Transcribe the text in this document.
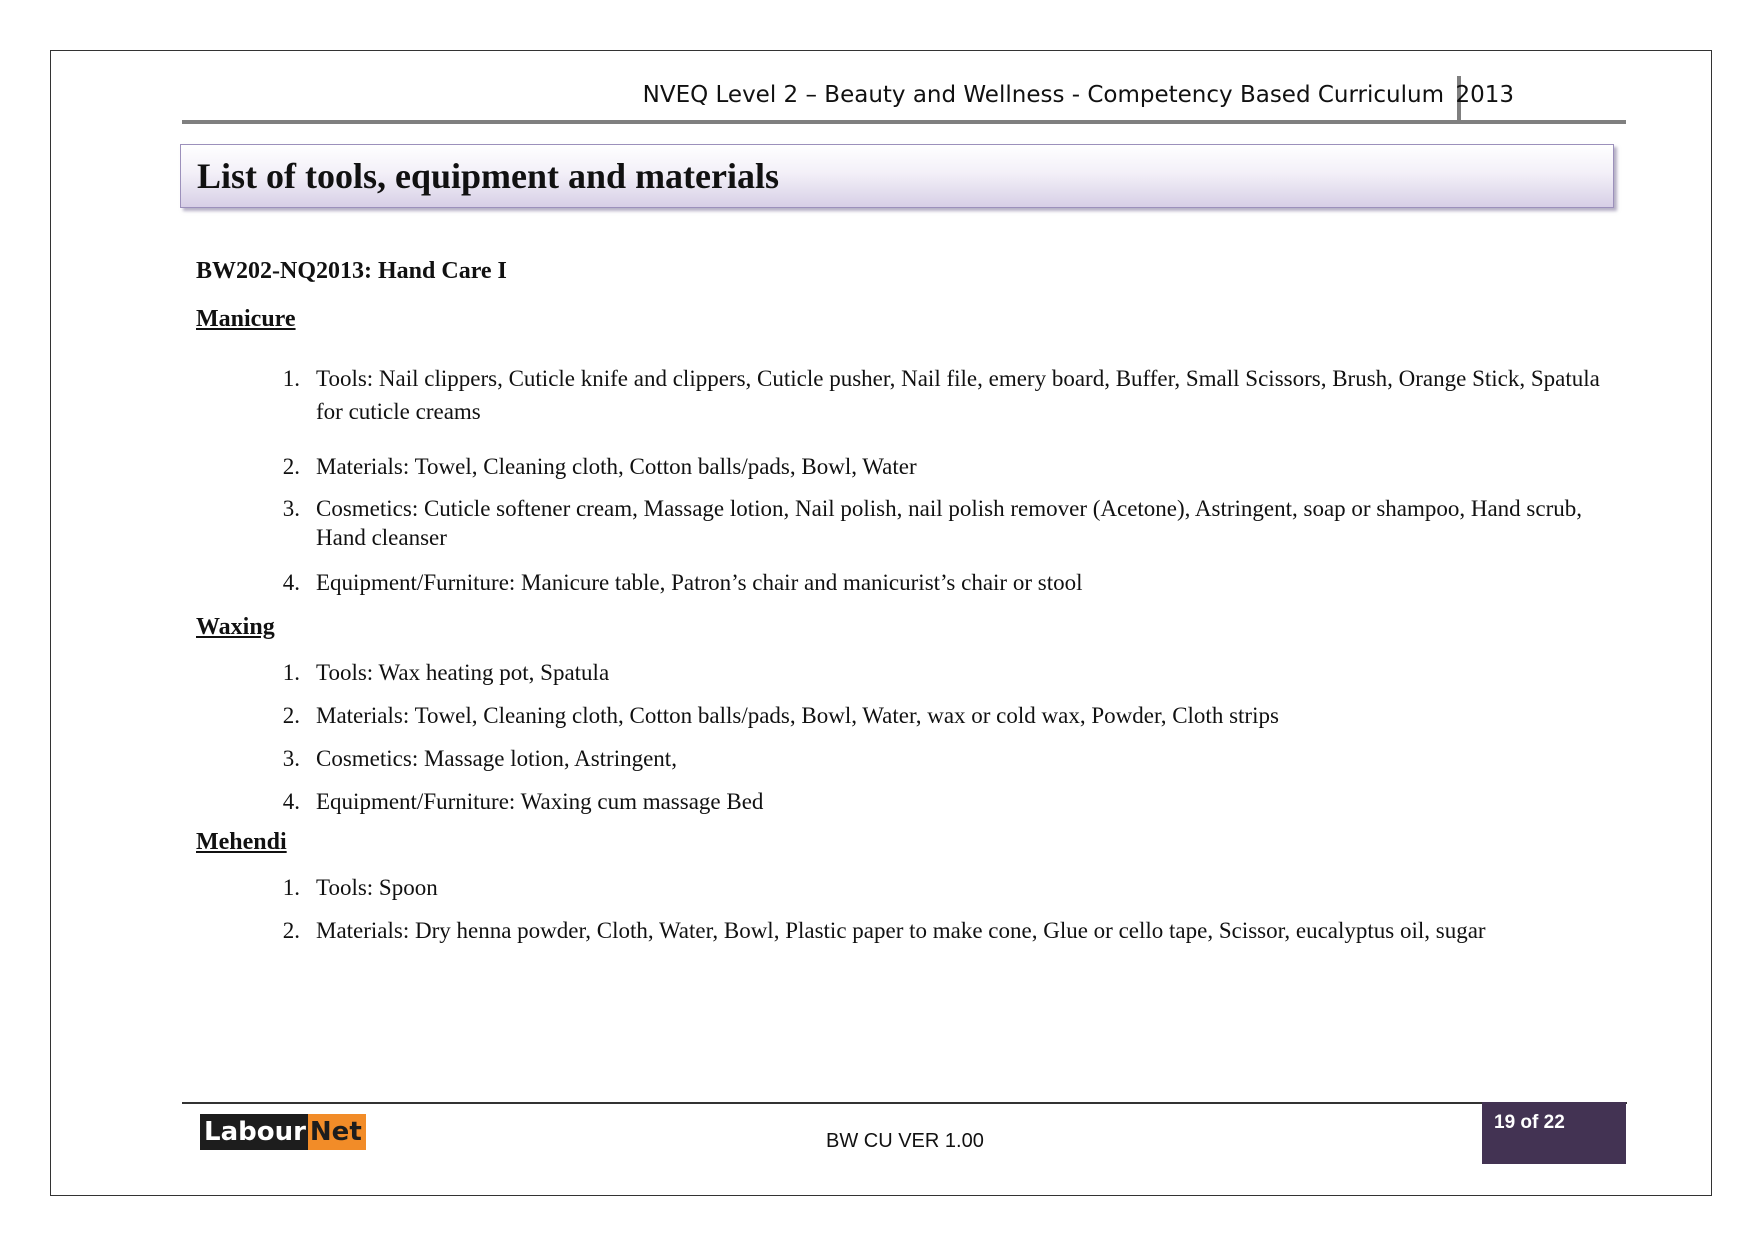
NVEQ Level 2 – Beauty and Wellness - Competency Based Curriculum 2013
List of tools, equipment and materials
BW202-NQ2013: Hand Care I
Manicure
1. Tools: Nail clippers, Cuticle knife and clippers, Cuticle pusher, Nail file, emery board, Buffer, Small Scissors, Brush, Orange Stick, Spatula for cuticle creams
2. Materials: Towel, Cleaning cloth, Cotton balls/pads, Bowl, Water
3. Cosmetics: Cuticle softener cream, Massage lotion, Nail polish, nail polish remover (Acetone), Astringent, soap or shampoo, Hand scrub, Hand cleanser
4. Equipment/Furniture: Manicure table, Patron’s chair and manicurist’s chair or stool
Waxing
1. Tools: Wax heating pot, Spatula
2. Materials: Towel, Cleaning cloth, Cotton balls/pads, Bowl, Water, wax or cold wax, Powder, Cloth strips
3. Cosmetics: Massage lotion, Astringent,
4. Equipment/Furniture: Waxing cum massage Bed
Mehendi
1. Tools: Spoon
2. Materials: Dry henna powder, Cloth, Water, Bowl, Plastic paper to make cone, Glue or cello tape, Scissor, eucalyptus oil, sugar
Labour Net	BW CU VER 1.00
19 of 22
